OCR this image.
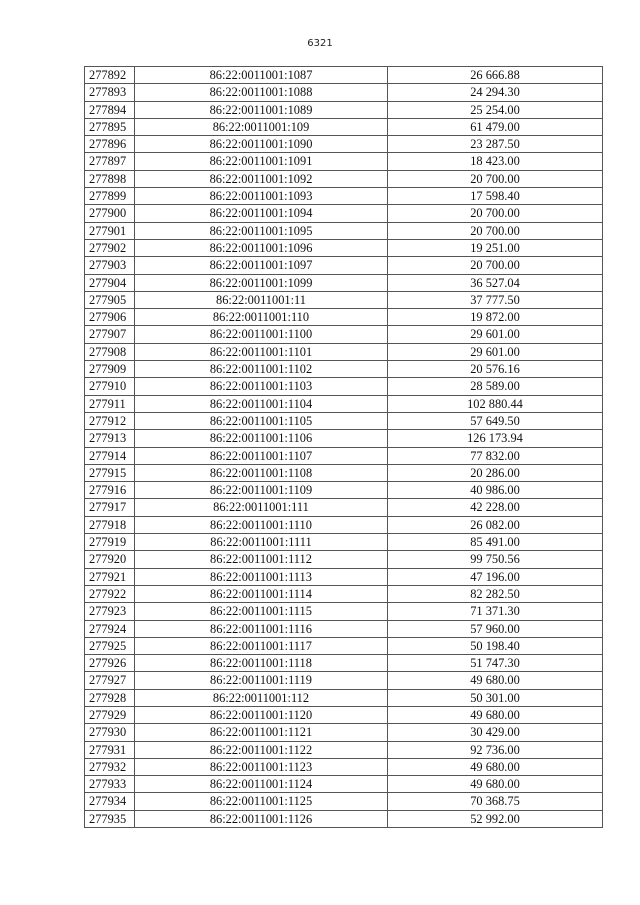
6321
277892	86:22:0011001:1087	26 666.88
277893	86:22:0011001:1088	24 294.30
277894	86:22:0011001:1089	25 254.00
277895	86:22:0011001:109	61 479.00
277896	86:22:0011001:1090	23 287.50
277897	86:22:0011001:1091	18 423.00
277898	86:22:0011001:1092	20 700.00
277899	86:22:0011001:1093	17 598.40
277900	86:22:0011001:1094	20 700.00
277901	86:22:0011001:1095	20 700.00
277902	86:22:0011001:1096	19 251.00
277903	86:22:0011001:1097	20 700.00
277904	86:22:0011001:1099	36 527.04
277905	86:22:0011001:11	37 777.50
277906	86:22:0011001:110	19 872.00
277907	86:22:0011001:1100	29 601.00
277908	86:22:0011001:1101	29 601.00
277909	86:22:0011001:1102	20 576.16
277910	86:22:0011001:1103	28 589.00
277911	86:22:0011001:1104	102 880.44
277912	86:22:0011001:1105	57 649.50
277913	86:22:0011001:1106	126 173.94
277914	86:22:0011001:1107	77 832.00
277915	86:22:0011001:1108	20 286.00
277916	86:22:0011001:1109	40 986.00
277917	86:22:0011001:111	42 228.00
277918	86:22:0011001:1110	26 082.00
277919	86:22:0011001:1111	85 491.00
277920	86:22:0011001:1112	99 750.56
277921	86:22:0011001:1113	47 196.00
277922	86:22:0011001:1114	82 282.50
277923	86:22:0011001:1115	71 371.30
277924	86:22:0011001:1116	57 960.00
277925	86:22:0011001:1117	50 198.40
277926	86:22:0011001:1118	51 747.30
277927	86:22:0011001:1119	49 680.00
277928	86:22:0011001:112	50 301.00
277929	86:22:0011001:1120	49 680.00
277930	86:22:0011001:1121	30 429.00
277931	86:22:0011001:1122	92 736.00
277932	86:22:0011001:1123	49 680.00
277933	86:22:0011001:1124	49 680.00
277934	86:22:0011001:1125	70 368.75
277935	86:22:0011001:1126	52 992.00
